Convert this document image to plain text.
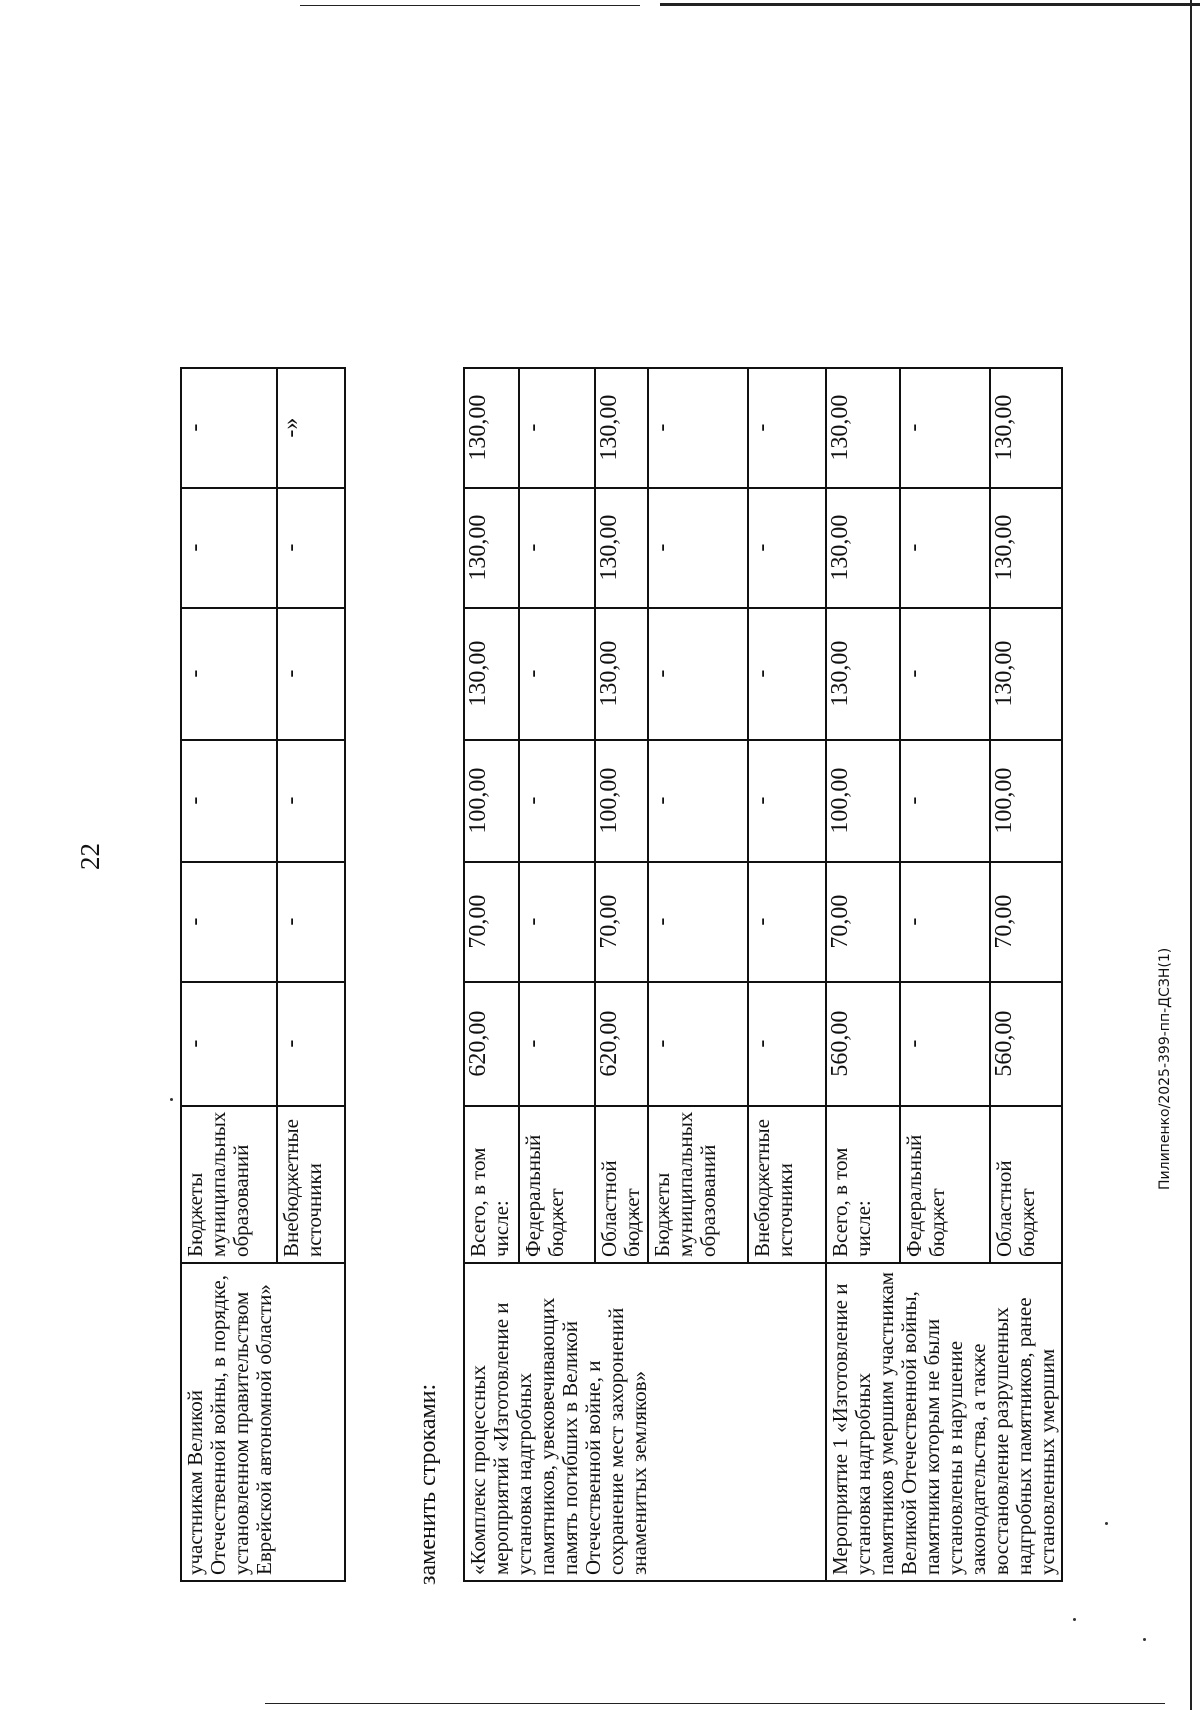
22
участникам Великой Отечественной войны, в порядке, установленном правительством Еврейской автономной области»	Бюджеты муниципальных образований	-	-	-	-	-	-
	Внебюджетные источники	-	-	-	-	-	-»
заменить строками: «Комплекс процессных мероприятий «Изготовление и установка надгробных памятников, увековечивающих память погибших в Великой Отечественной войне, и сохранение мест захоронений знаменитых земляков»	Всего, в том числе:	620,00	70,00	100,00	130,00	130,00	130,00
	Федеральный бюджет	-	-	-	-	-	-
	Областной бюджет	620,00	70,00	100,00	130,00	130,00	130,00
	Бюджеты муниципальных образований	-	-	-	-	-	-
	Внебюджетные источники	-	-	-	-	-	-
Мероприятие 1 «Изготовление и установка надгробных памятников умершим участникам Великой Отечественной войны, памятники которым не были установлены в нарушение законодательства, а также восстановление разрушенных надгробных памятников, ранее установленных умершим	Всего, в том числе:	560,00	70,00	100,00	130,00	130,00	130,00
	Федеральный бюджет	-	-	-	-	-	-
	Областной бюджет	560,00	70,00	100,00	130,00	130,00	130,00
Пилипенко/2025-399-пп-ДСЗН(1)
